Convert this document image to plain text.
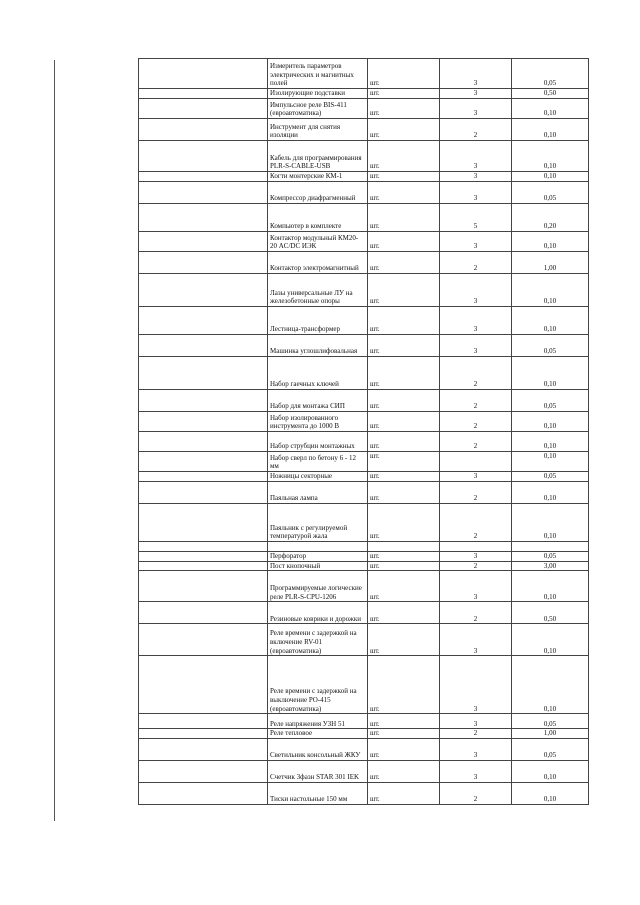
	Измеритель параметров электрических и магнитных полей	шт.	3	0,05
	Изолирующие подставки	шт.	3	0,50
	Импульсное реле BIS-411 (евроавтоматика)	шт.	3	0,10
	Инструмент для снятия изоляции	шт.	2	0,10
	Кабель для программирования PLR-S-CABLE-USB	шт.	3	0,10
	Когти монтерские КМ-1	шт.	3	0,10
	Компрессор диафрагменный	шт.	3	0,05
	Компьютер в комплекте	шт.	5	0,20
	Контактор модульный КМ20-20 AC/DC ИЭК	шт.	3	0,10
	Контактор электромагнитный	шт.	2	1,00
	Лазы универсальные ЛУ на железобетонные опоры	шт.	3	0,10
	Лестница-трансформер	шт.	3	0,10
	Машинка углошлифовальная	шт.	3	0,05
	Набор гаечных ключей	шт.	2	0,10
	Набор для монтажа СИП	шт.	2	0,05
	Набор изолированного инструмента до 1000 В	шт.	2	0,10
	Набор струбцин монтажных	шт.	2	0,10
	Набор сверл по бетону 6 - 12 мм	шт.		0,10
	Ножницы секторные	шт.	3	0,05
	Паяльная лампа	шт.	2	0,10
	Паяльник с регулируемой температурой жала	шт.	2	0,10

	Перфоратор	шт.	3	0,05
	Пост кнопочный	шт.	2	3,00
	Программируемые логические реле PLR-S-CPU-1206	шт.	3	0,10
	Резиновые коврики и дорожки	шт.	2	0,50
	Реле времени с задержкой на включение RV-01 (евроавтоматика)	шт.	3	0,10
	Реле времени с задержкой на выключение PO-415 (евроавтоматика)	шт.	3	0,10
	Реле напряжения УЗН 51	шт.	3	0,05
	Реле тепловое	шт.	2	1,00
	Светильник консольный ЖКУ	шт.	3	0,05
	Счетчик 3фазн STAR 301 IEK	шт.	3	0,10
	Тиски настольные 150 мм	шт.	2	0,10
